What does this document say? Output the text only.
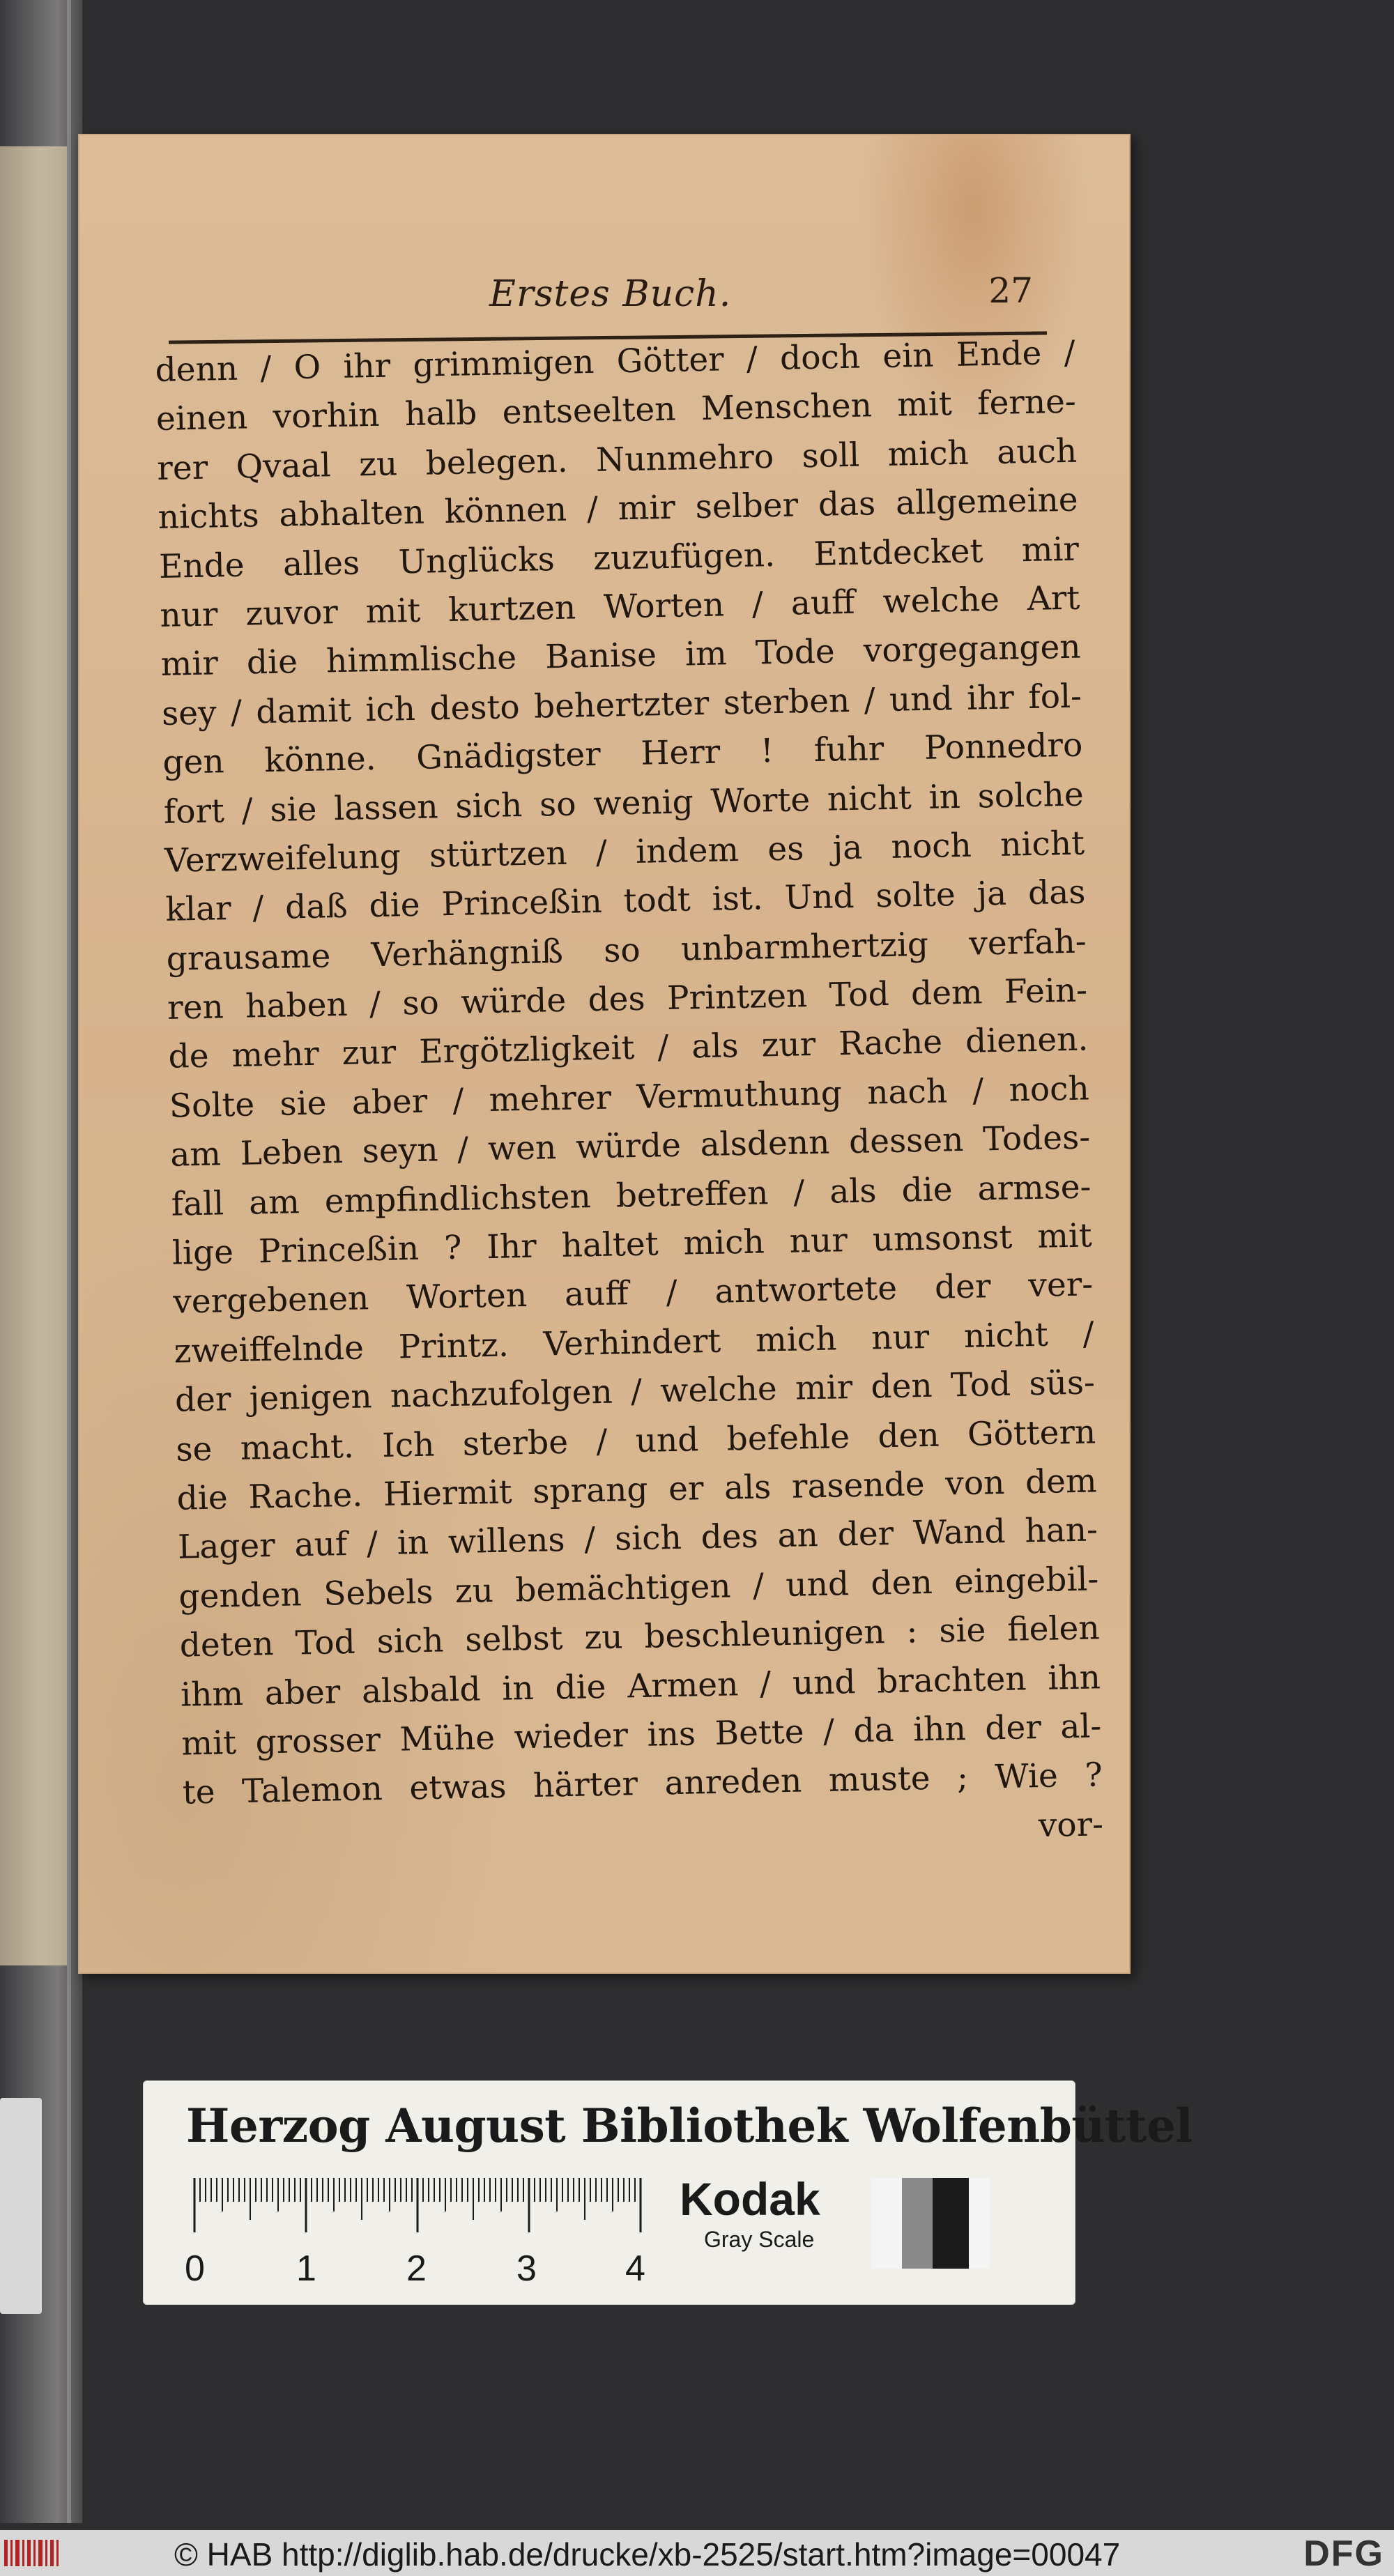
Erstes Buch.	27
denn / O ihr grimmigen Götter / doch ein Ende /
einen vorhin halb entseelten Menschen mit ferne-
rer Qvaal zu belegen. Nunmehro soll mich auch
nichts abhalten können / mir selber das allgemeine
Ende alles Unglücks zuzufügen. Entdecket mir
nur zuvor mit kurtzen Worten / auff welche Art
mir die himmlische Banise im Tode vorgegangen
sey / damit ich desto behertzter sterben / und ihr fol-
gen könne. Gnädigster Herr ! fuhr Ponnedro
fort / sie lassen sich so wenig Worte nicht in solche
Verzweifelung stürtzen / indem es ja noch nicht
klar / daß die Princeßin todt ist. Und solte ja das
grausame Verhängniß so unbarmhertzig verfah-
ren haben / so würde des Printzen Tod dem Fein-
de mehr zur Ergötzligkeit / als zur Rache dienen.
Solte sie aber / mehrer Vermuthung nach / noch
am Leben seyn / wen würde alsdenn dessen Todes-
fall am empfindlichsten betreffen / als die armse-
lige Princeßin ? Ihr haltet mich nur umsonst mit
vergebenen Worten auff / antwortete der ver-
zweiffelnde Printz. Verhindert mich nur nicht /
der jenigen nachzufolgen / welche mir den Tod süs-
se macht. Ich sterbe / und befehle den Göttern
die Rache. Hiermit sprang er als rasende von dem
Lager auf / in willens / sich des an der Wand han-
genden Sebels zu bemächtigen / und den eingebil-
deten Tod sich selbst zu beschleunigen : sie fielen
ihm aber alsbald in die Armen / und brachten ihn
mit grosser Mühe wieder ins Bette / da ihn der al-
te Talemon etwas härter anreden muste ; Wie ?
vor-
Herzog August Bibliothek Wolfenbüttel
0	1 2 3 4
Kodak
Gray Scale
© HAB http://diglib.hab.de/drucke/xb-2525/start.htm?image=00047	DFG
